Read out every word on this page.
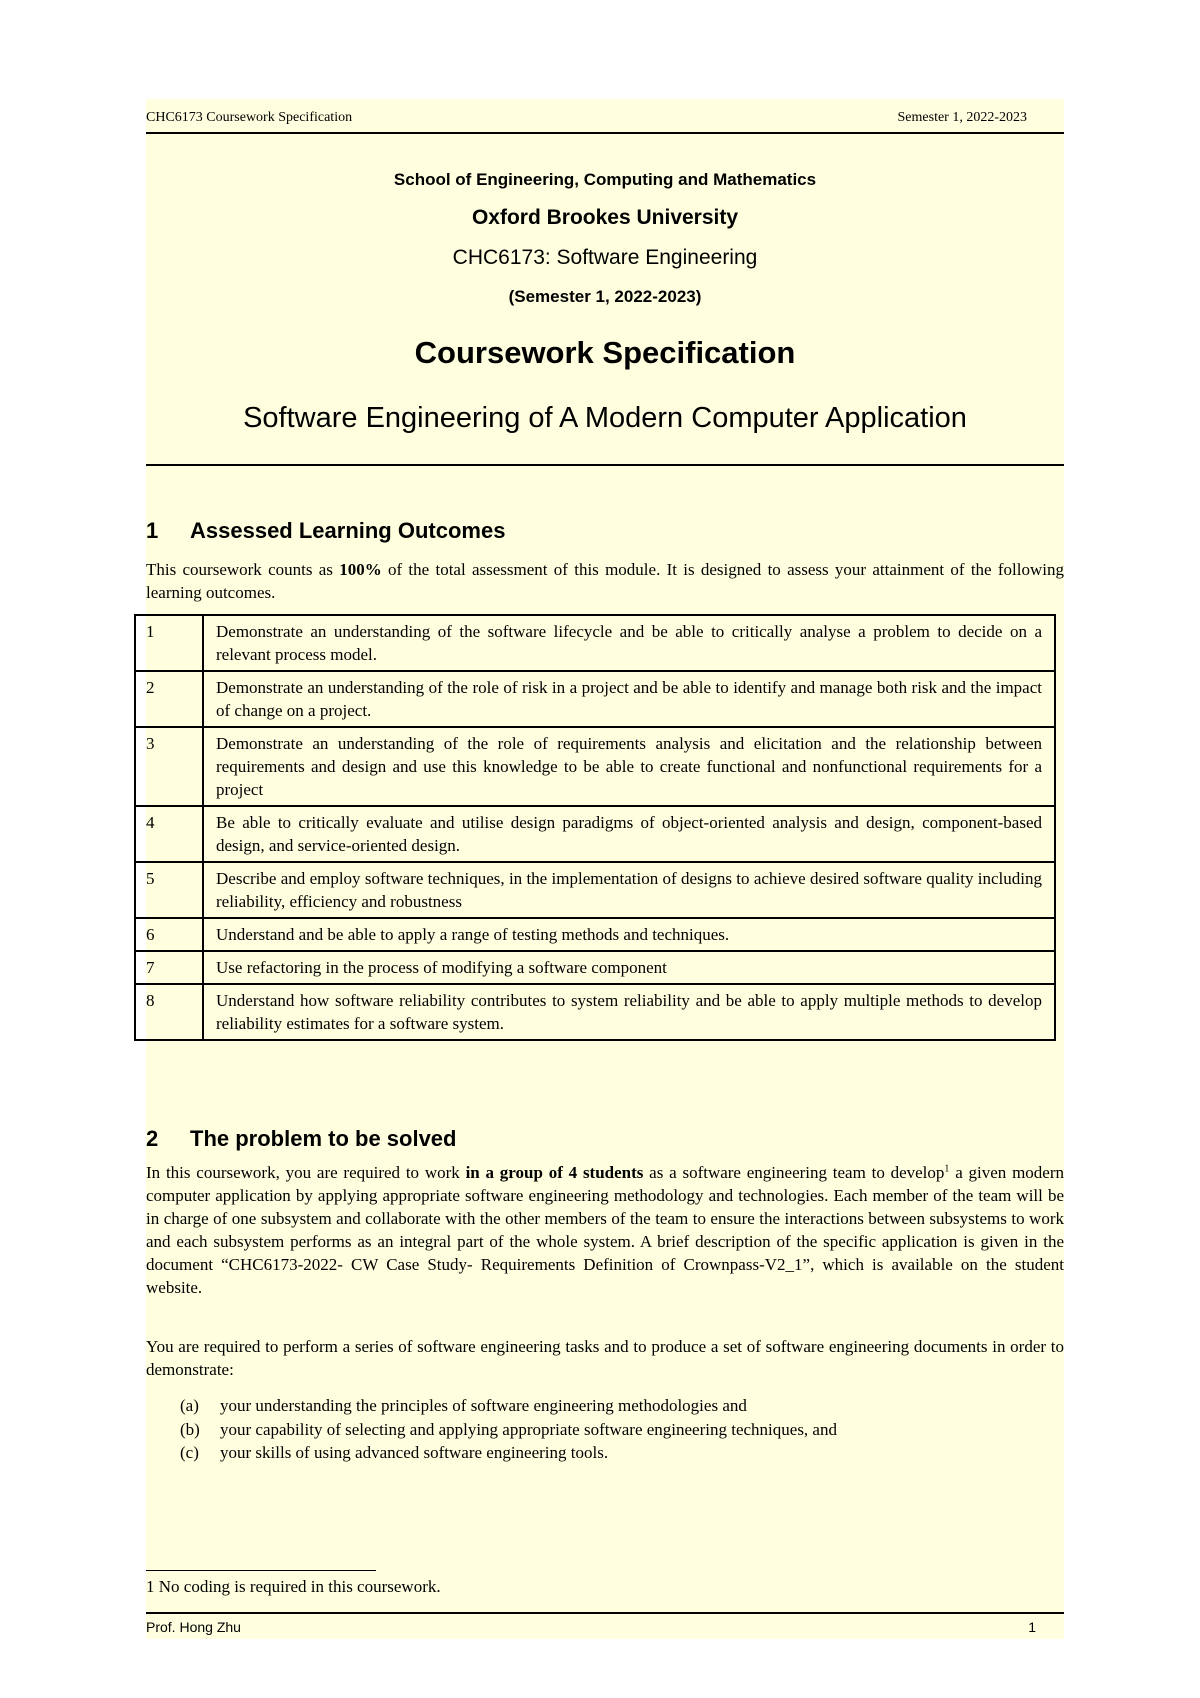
CHC6173 Coursework Specification	Semester 1, 2022-2023
School of Engineering, Computing and Mathematics
Oxford Brookes University
CHC6173: Software Engineering
(Semester 1, 2022-2023)
Coursework Specification
Software Engineering of A Modern Computer Application
1 Assessed Learning Outcomes
This coursework counts as 100% of the total assessment of this module. It is designed to assess your attainment of the following learning outcomes.
1	Demonstrate an understanding of the software lifecycle and be able to critically analyse a problem to decide on a relevant process model.
2	Demonstrate an understanding of the role of risk in a project and be able to identify and manage both risk and the impact of change on a project.
3	Demonstrate an understanding of the role of requirements analysis and elicitation and the relationship between requirements and design and use this knowledge to be able to create functional and nonfunctional requirements for a project
4	Be able to critically evaluate and utilise design paradigms of object-oriented analysis and design, component-based design, and service-oriented design.
5	Describe and employ software techniques, in the implementation of designs to achieve desired software quality including reliability, efficiency and robustness
6	Understand and be able to apply a range of testing methods and techniques.
7	Use refactoring in the process of modifying a software component
8	Understand how software reliability contributes to system reliability and be able to apply multiple methods to develop reliability estimates for a software system.
2 The problem to be solved
In this coursework, you are required to work in a group of 4 students as a software engineering team to develop$^1$ a given modern computer application by applying appropriate software engineering methodology and technologies. Each member of the team will be in charge of one subsystem and collaborate with the other members of the team to ensure the interactions between subsystems to work and each subsystem performs as an integral part of the whole system. A brief description of the specific application is given in the document “CHC6173-2022- CW Case Study- Requirements Definition of Crownpass-V2_1”, which is available on the student website.
You are required to perform a series of software engineering tasks and to produce a set of software engineering documents in order to demonstrate:
(a)	your understanding the principles of software engineering methodologies and
(b)	your capability of selecting and applying appropriate software engineering techniques, and
(c)	your skills of using advanced software engineering tools.
1 No coding is required in this coursework.
Prof. Hong Zhu	1
